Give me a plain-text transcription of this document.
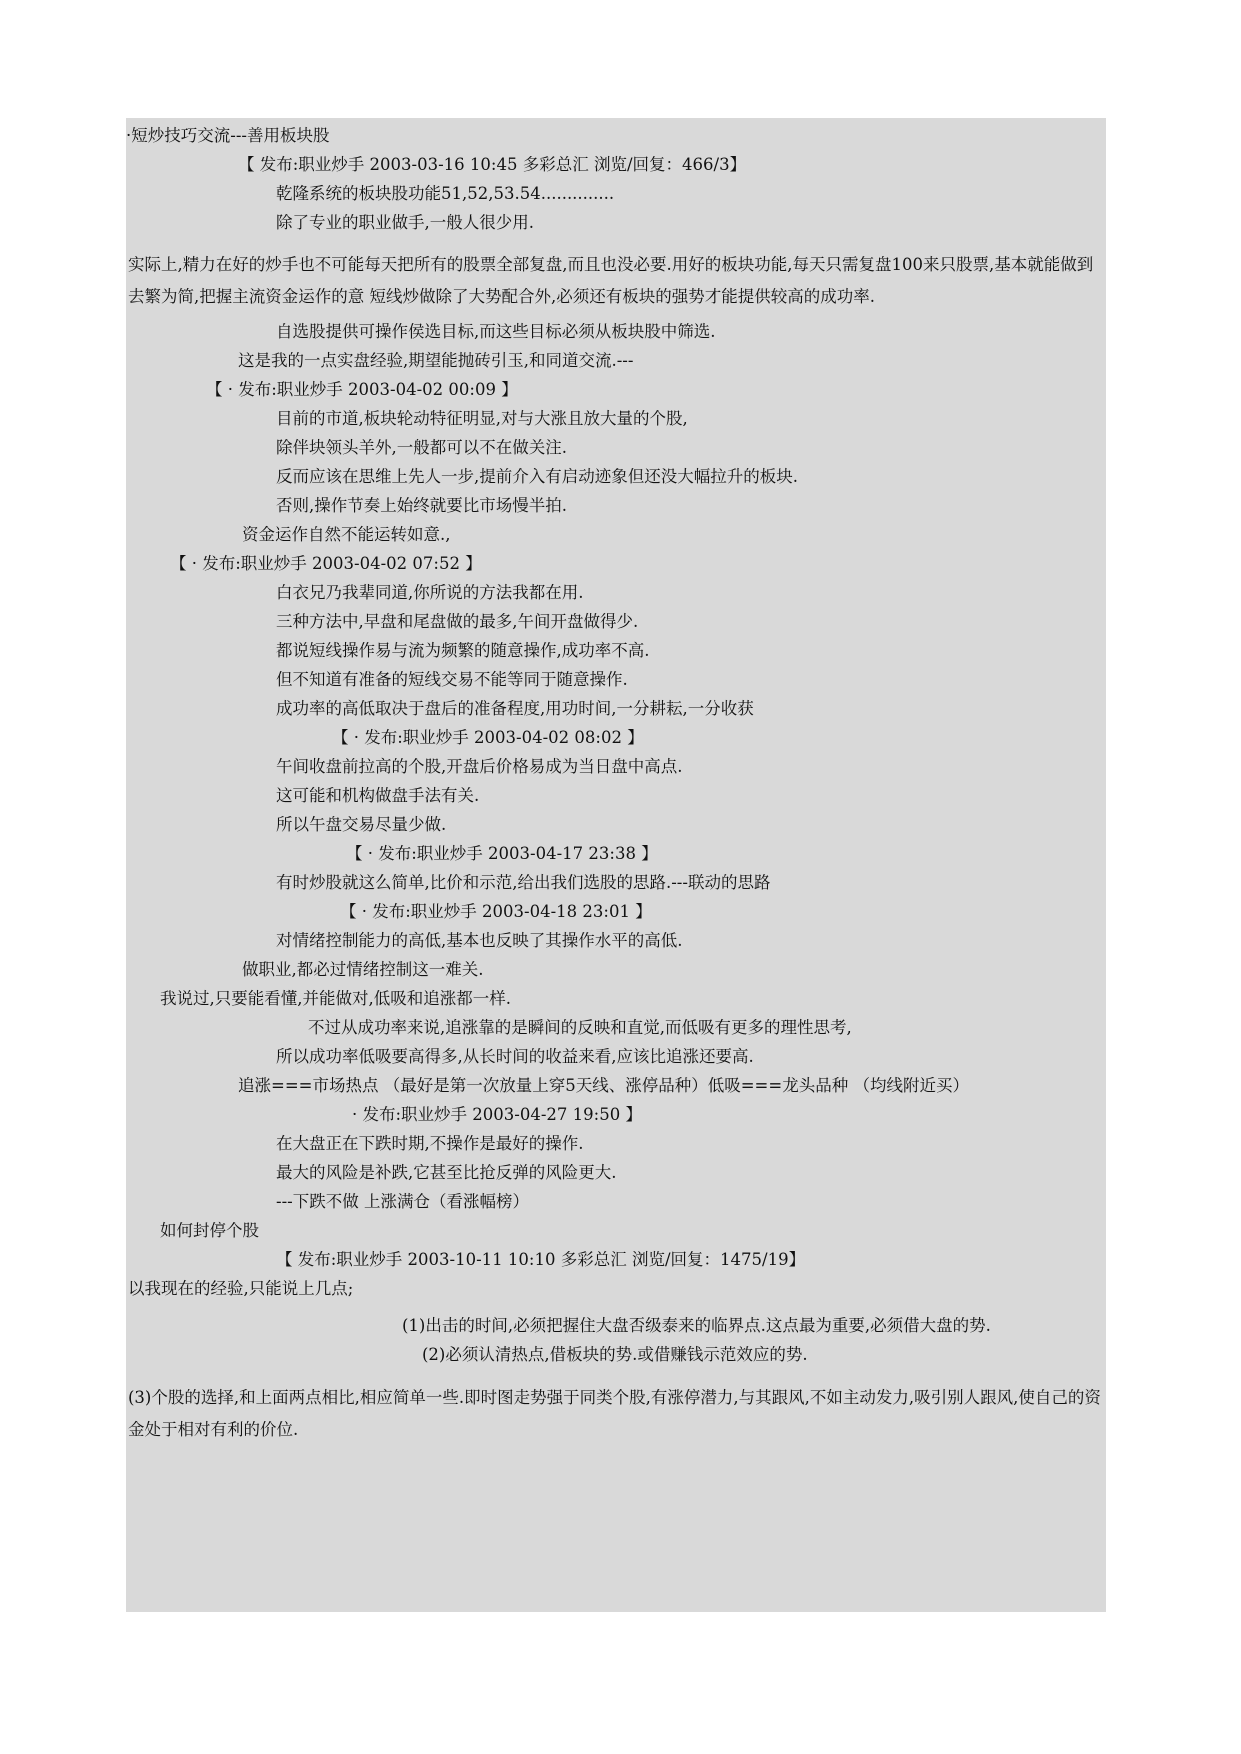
·短炒技巧交流---善用板块股
【 发布:职业炒手 2003-03-16 10:45 多彩总汇 浏览/回复：466/3】
乾隆系统的板块股功能51,52,53.54..............
除了专业的职业做手,一般人很少用.
实际上,精力在好的炒手也不可能每天把所有的股票全部复盘,而且也没必要.用好的板块功能,每天只需复盘100来只股票,基本就能做到去繁为简,把握主流资金运作的意 短线炒做除了大势配合外,必须还有板块的强势才能提供较高的成功率.
自选股提供可操作侯选目标,而这些目标必须从板块股中筛选.
这是我的一点实盘经验,期望能抛砖引玉,和同道交流.---
【 · 发布:职业炒手 2003-04-02 00:09 】
目前的市道,板块轮动特征明显,对与大涨且放大量的个股,
除伴块领头羊外,一般都可以不在做关注.
反而应该在思维上先人一步,提前介入有启动迹象但还没大幅拉升的板块.
否则,操作节奏上始终就要比市场慢半拍.
资金运作自然不能运转如意.,
【 · 发布:职业炒手 2003-04-02 07:52 】
白衣兄乃我辈同道,你所说的方法我都在用.
三种方法中,早盘和尾盘做的最多,午间开盘做得少.
都说短线操作易与流为频繁的随意操作,成功率不高.
但不知道有准备的短线交易不能等同于随意操作.
成功率的高低取决于盘后的准备程度,用功时间,一分耕耘,一分收获
【 · 发布:职业炒手 2003-04-02 08:02 】
午间收盘前拉高的个股,开盘后价格易成为当日盘中高点.
这可能和机构做盘手法有关.
所以午盘交易尽量少做.
【 · 发布:职业炒手 2003-04-17 23:38 】
有时炒股就这么简单,比价和示范,给出我们选股的思路.---联动的思路
【 · 发布:职业炒手 2003-04-18 23:01 】
对情绪控制能力的高低,基本也反映了其操作水平的高低.
做职业,都必过情绪控制这一难关.
我说过,只要能看懂,并能做对,低吸和追涨都一样.
不过从成功率来说,追涨靠的是瞬间的反映和直觉,而低吸有更多的理性思考,
所以成功率低吸要高得多,从长时间的收益来看,应该比追涨还要高.
追涨===市场热点 （最好是第一次放量上穿5天线、涨停品种）低吸===龙头品种 （均线附近买）
· 发布:职业炒手 2003-04-27 19:50 】
在大盘正在下跌时期,不操作是最好的操作.
最大的风险是补跌,它甚至比抢反弹的风险更大.
---下跌不做 上涨满仓（看涨幅榜）
如何封停个股
【 发布:职业炒手 2003-10-11 10:10 多彩总汇 浏览/回复：1475/19】
以我现在的经验,只能说上几点;
(1)出击的时间,必须把握住大盘否级泰来的临界点.这点最为重要,必须借大盘的势.
(2)必须认清热点,借板块的势.或借赚钱示范效应的势.
(3)个股的选择,和上面两点相比,相应简单一些.即时图走势强于同类个股,有涨停潜力,与其跟风,不如主动发力,吸引别人跟风,使自己的资金处于相对有利的价位.
